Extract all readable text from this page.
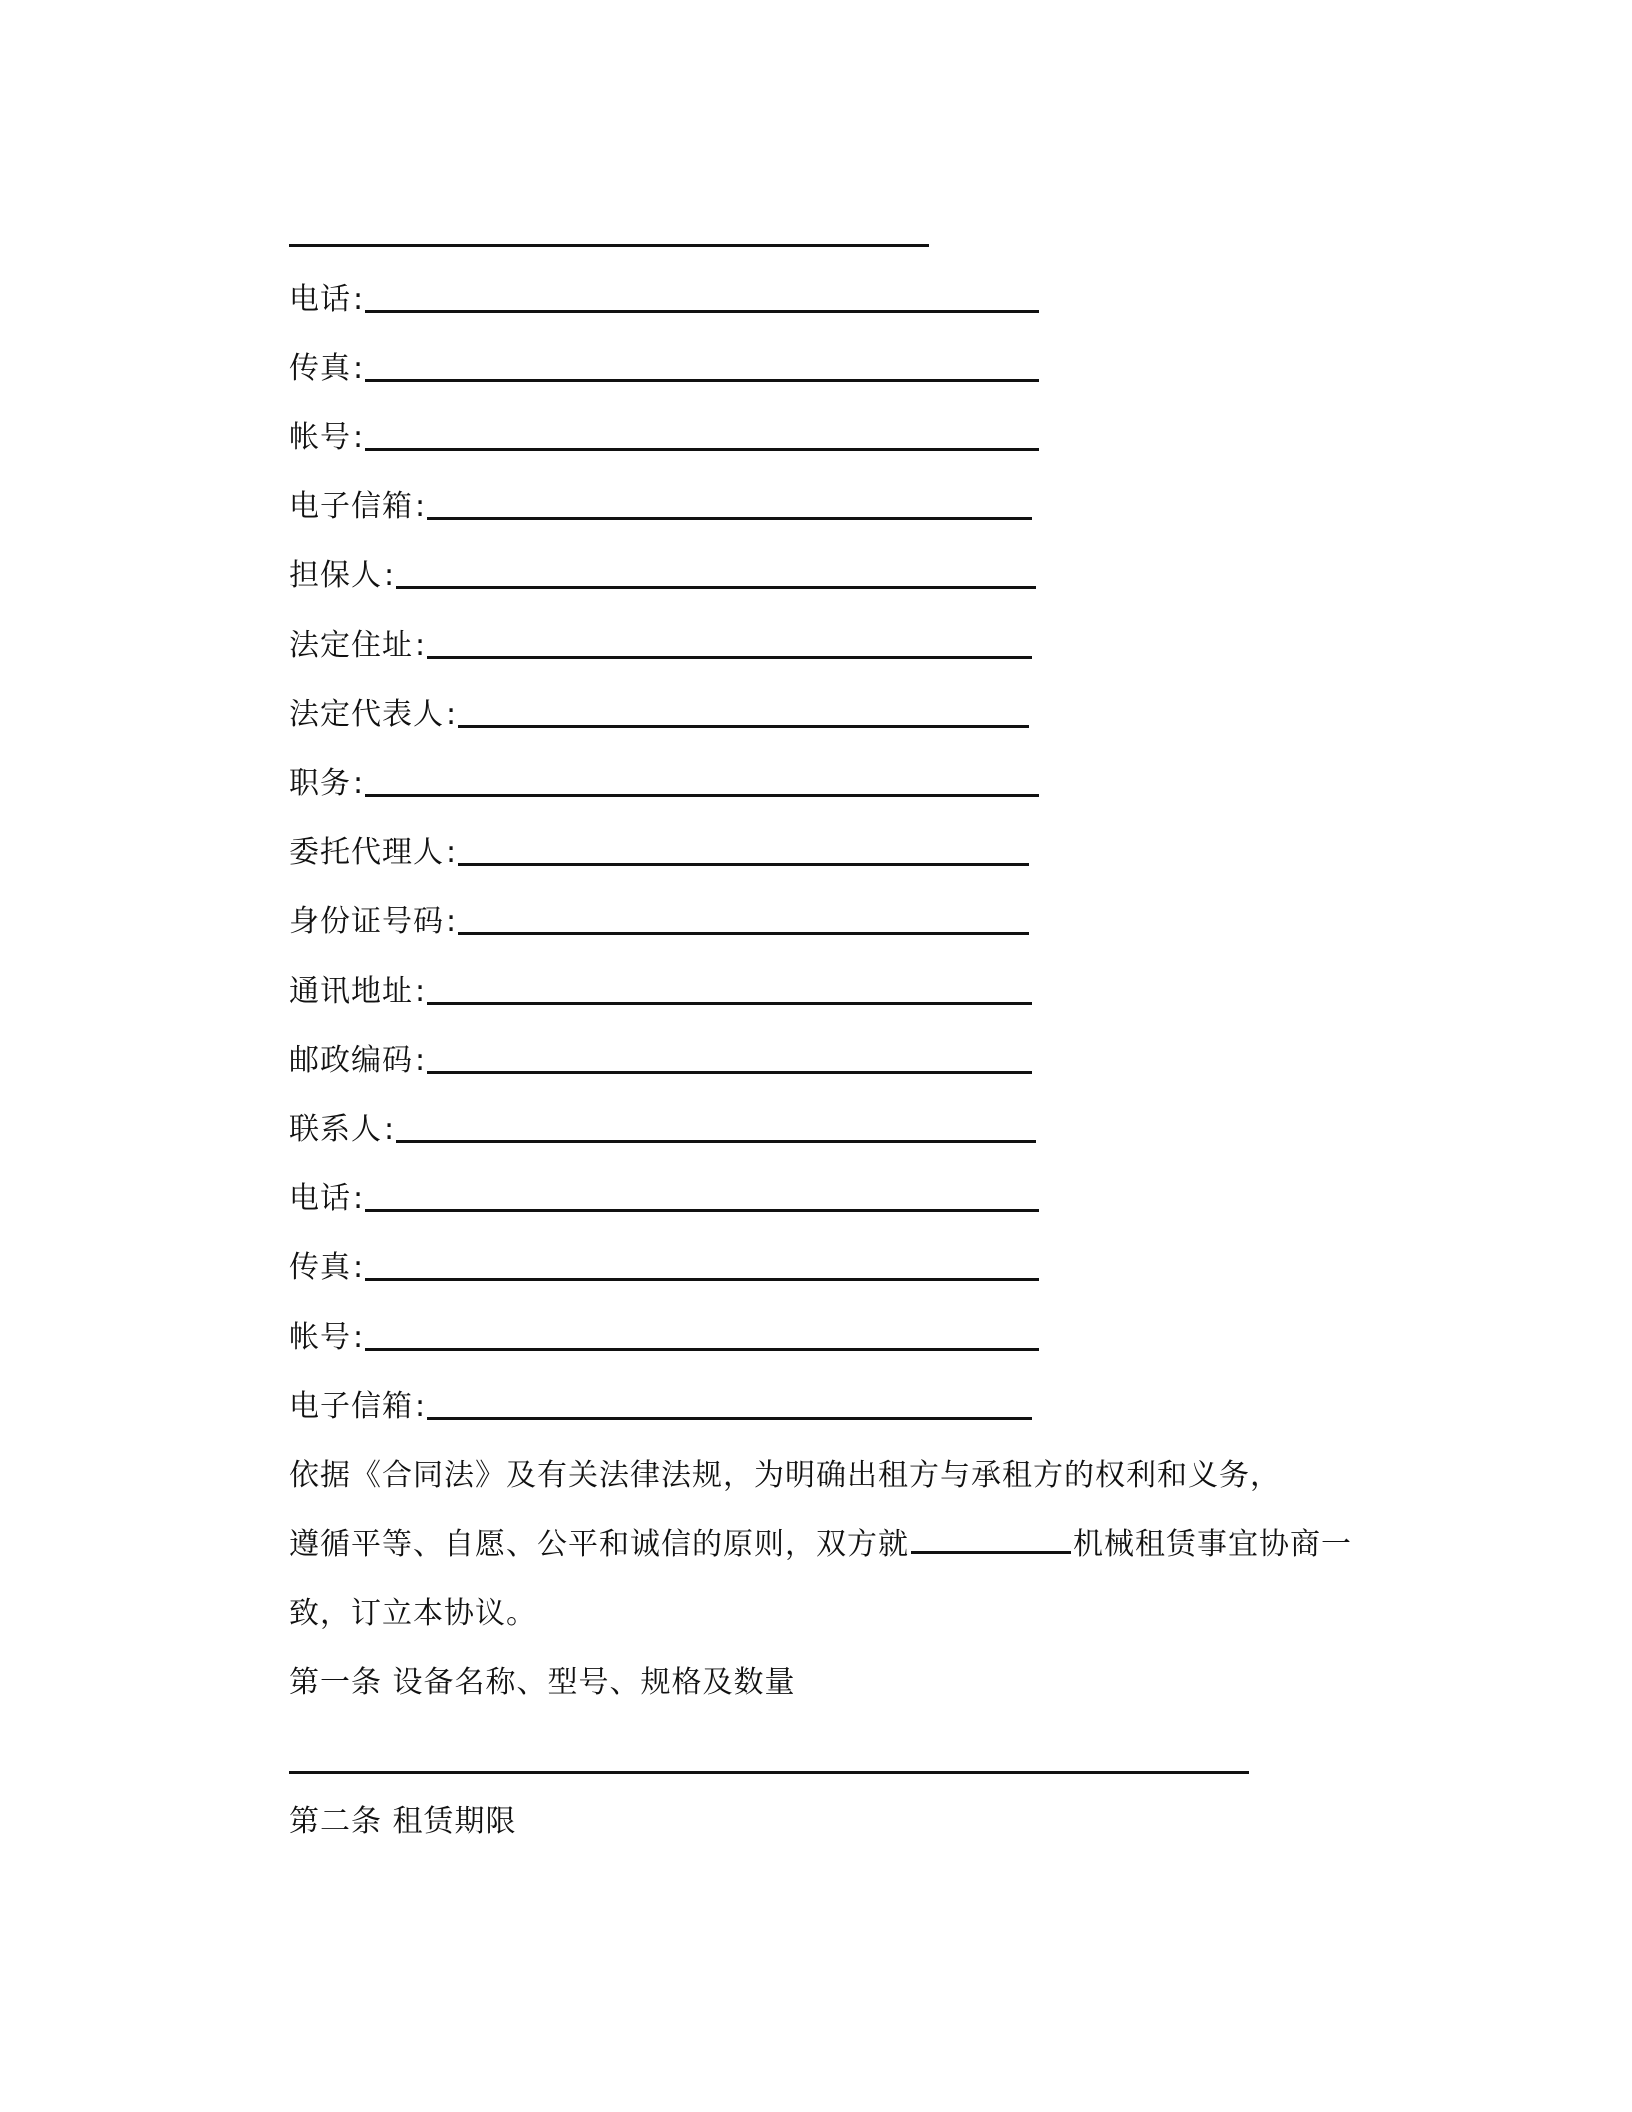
电话 :
传真 :
帐号 :
电子信箱 :
担保人 :
法定住址 :
法定代表人 :
职务 :
委托代理人 :
身份证号码 :
通讯地址 :
邮政编码 :
联系人 :
电话 :
传真 :
帐号 :
电子信箱 :
依据《合同法》及有关法律法规，为明确出租方与承租方的权利和义务，
遵循平等、自愿、公平和诚信的原则，双方就	机械租赁事宜协商一
致，订立本协议。
第一条 设备名称、型号、规格及数量
第二条 租赁期限
